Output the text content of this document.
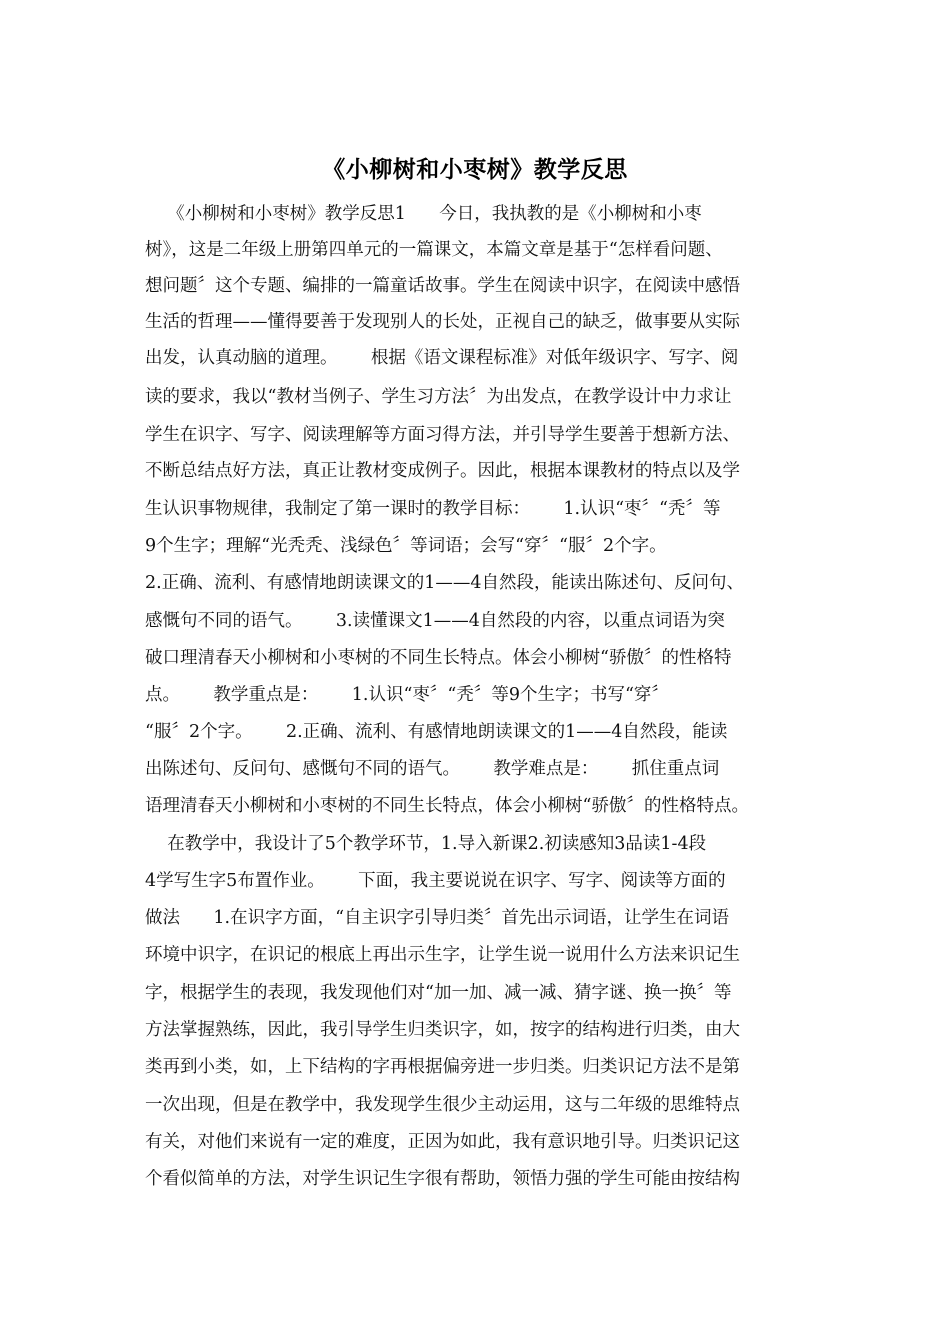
《小柳树和小枣树》教学反思
《小柳树和小枣树》教学反思1      今日，我执教的是《小柳树和小枣
树》，这是二年级上册第四单元的一篇课文，本篇文章是基于“怎样看问题、
想问题〞这个专题、编排的一篇童话故事。学生在阅读中识字，在阅读中感悟
生活的哲理——懂得要善于发现别人的长处，正视自己的缺乏，做事要从实际
出发，认真动脑的道理。      根据《语文课程标准》对低年级识字、写字、阅
读的要求，我以“教材当例子、学生习方法〞为出发点，在教学设计中力求让
学生在识字、写字、阅读理解等方面习得方法，并引导学生要善于想新方法、
不断总结点好方法，真正让教材变成例子。因此，根据本课教材的特点以及学
生认识事物规律，我制定了第一课时的教学目标：      1.认识“枣〞“秃〞等
9个生字；理解“光秃秃、浅绿色〞等词语；会写“穿〞“服〞2个字。
2.正确、流利、有感情地朗读课文的1——4自然段，能读出陈述句、反问句、
感慨句不同的语气。      3.读懂课文1——4自然段的内容，以重点词语为突
破口理清春天小柳树和小枣树的不同生长特点。体会小柳树“骄傲〞的性格特
点。      教学重点是：      1.认识“枣〞“秃〞等9个生字；书写“穿〞
“服〞2个字。      2.正确、流利、有感情地朗读课文的1——4自然段，能读
出陈述句、反问句、感慨句不同的语气。      教学难点是：      抓住重点词
语理清春天小柳树和小枣树的不同生长特点，体会小柳树“骄傲〞的性格特点。
在教学中，我设计了5个教学环节，1.导入新课2.初读感知3品读1-4段
4学写生字5布置作业。      下面，我主要说说在识字、写字、阅读等方面的
做法      1.在识字方面，“自主识字引导归类〞首先出示词语，让学生在词语
环境中识字，在识记的根底上再出示生字，让学生说一说用什么方法来识记生
字，根据学生的表现，我发现他们对“加一加、减一减、猜字谜、换一换〞等
方法掌握熟练，因此，我引导学生归类识字，如，按字的结构进行归类，由大
类再到小类，如，上下结构的字再根据偏旁进一步归类。归类识记方法不是第
一次出现，但是在教学中，我发现学生很少主动运用，这与二年级的思维特点
有关，对他们来说有一定的难度，正因为如此，我有意识地引导。归类识记这
个看似简单的方法，对学生识记生字很有帮助，领悟力强的学生可能由按结构
